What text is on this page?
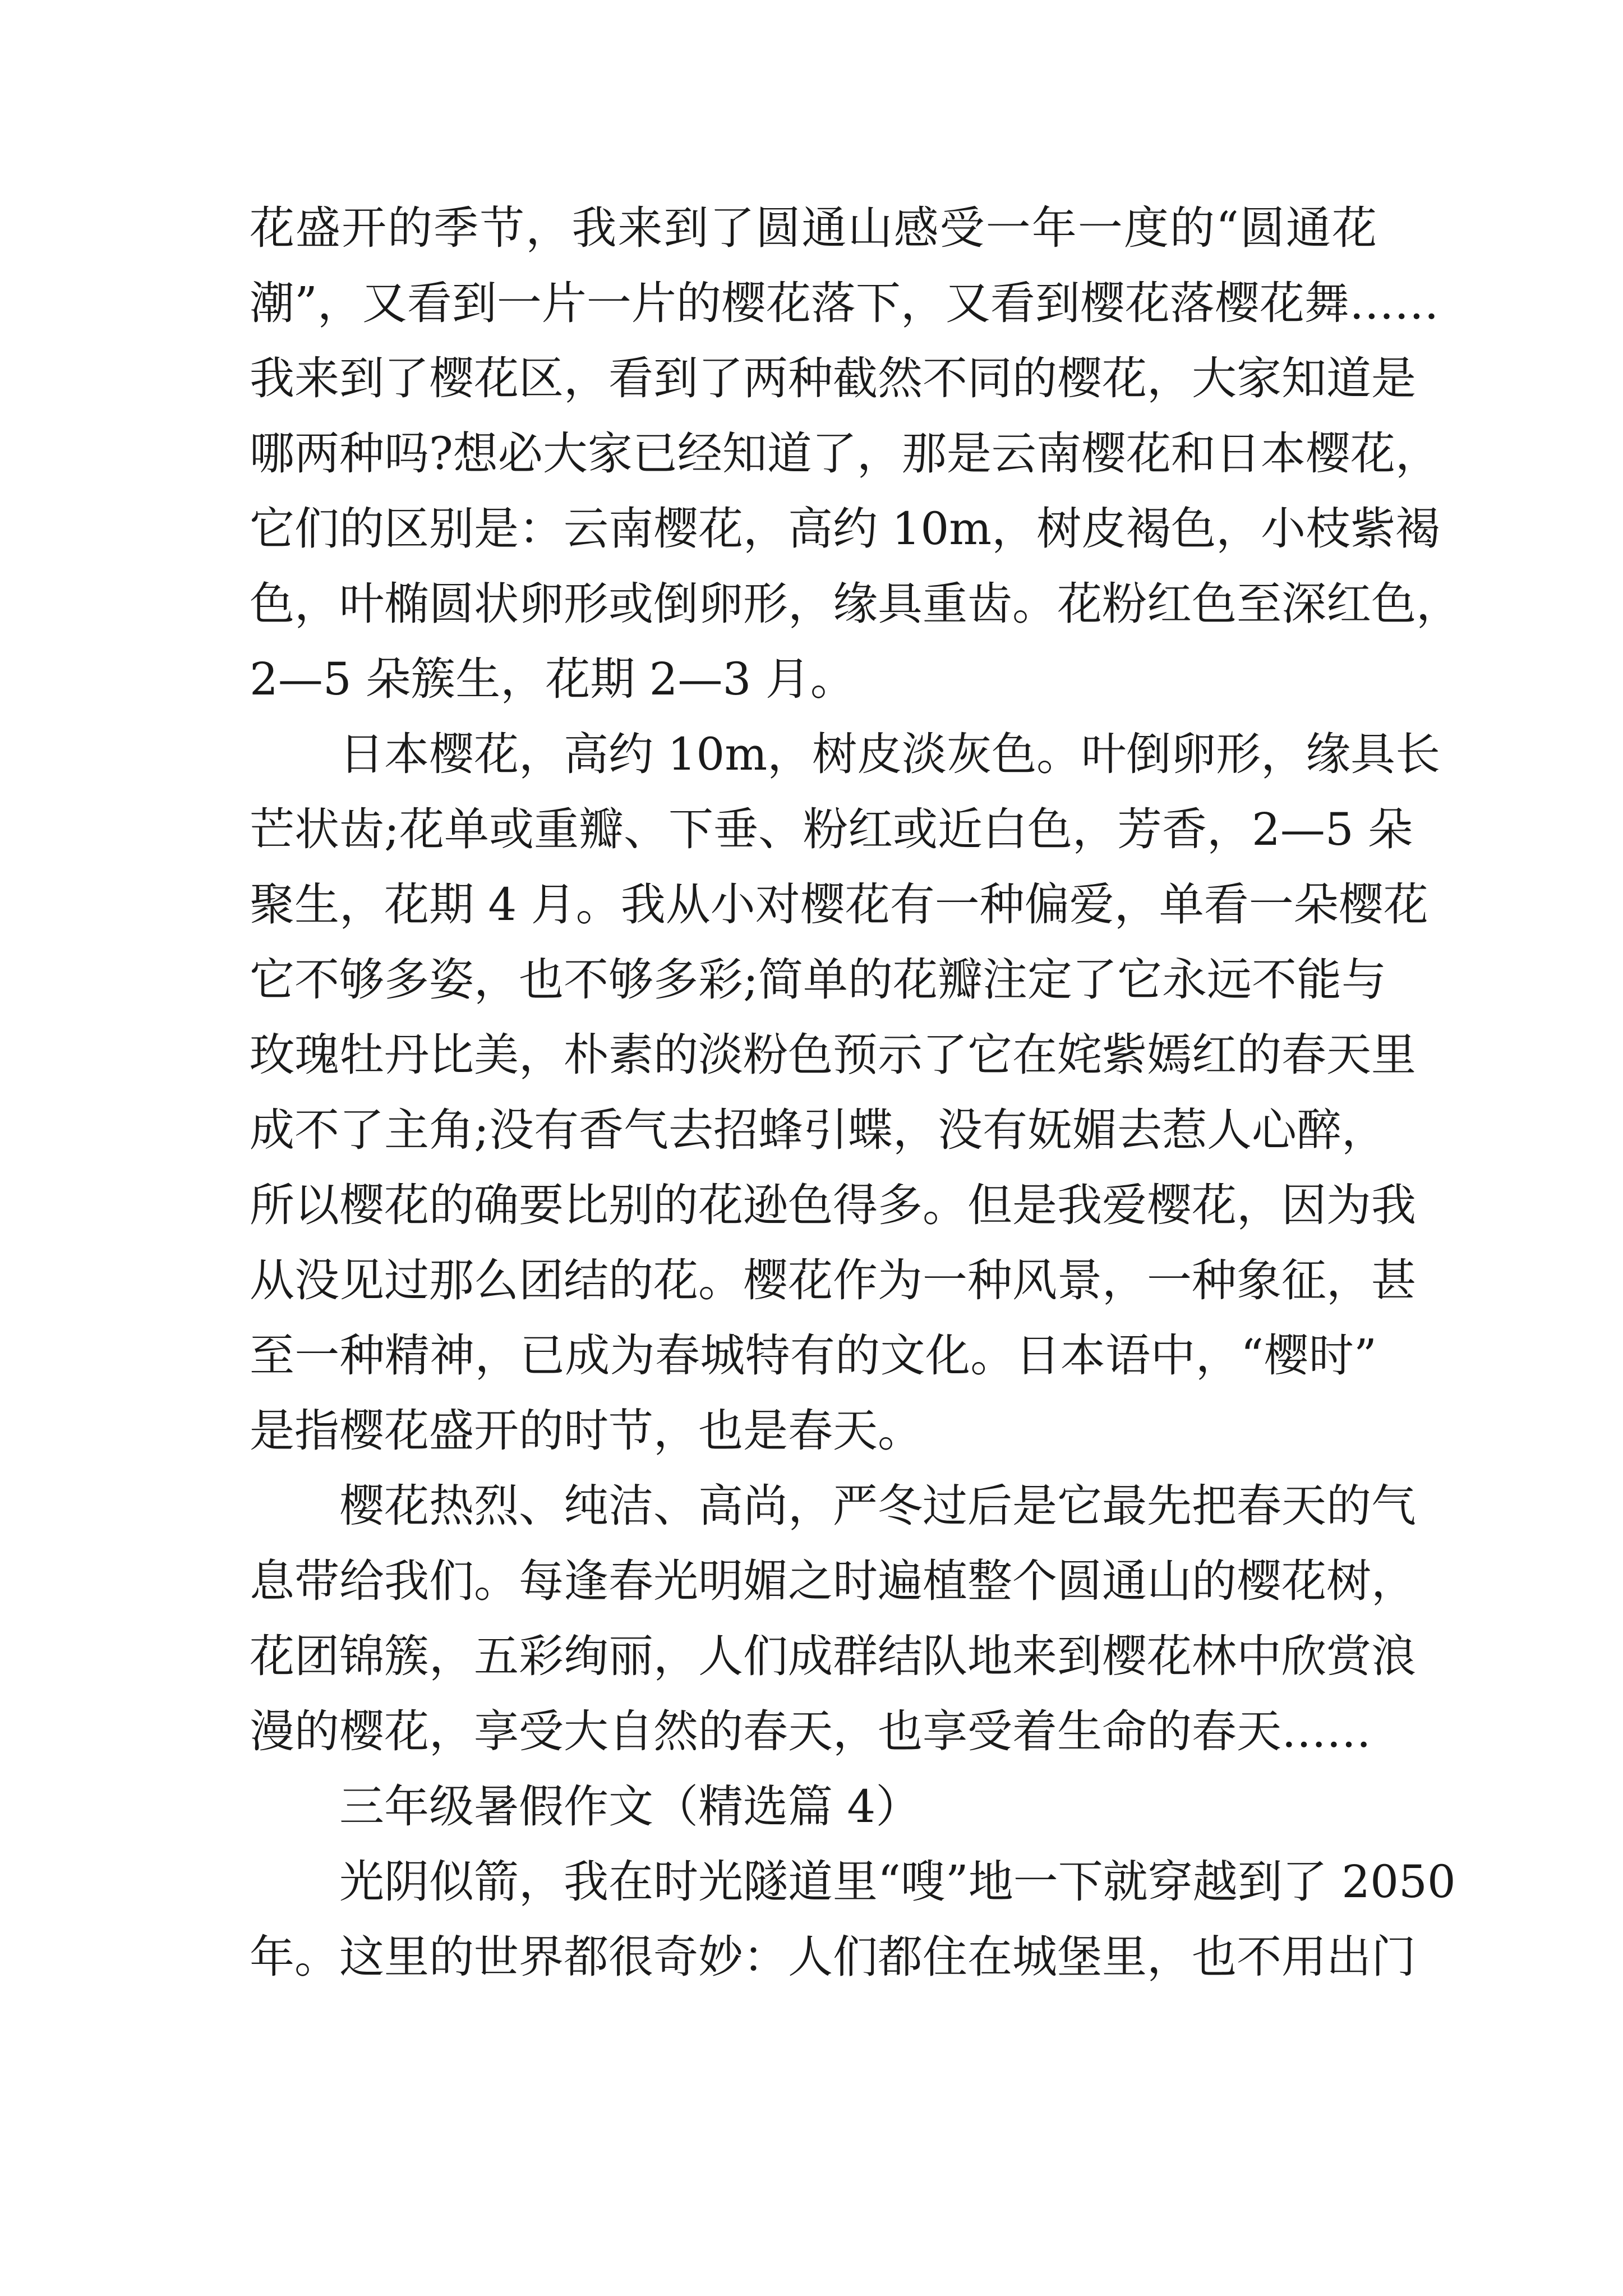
花盛开的季节，我来到了圆通山感受一年一度的“圆通花
潮”，又看到一片一片的樱花落下，又看到樱花落樱花舞……
我来到了樱花区，看到了两种截然不同的樱花，大家知道是
哪两种吗?想必大家已经知道了，那是云南樱花和日本樱花，
它们的区别是：云南樱花，高约 10m，树皮褐色，小枝紫褐
色，叶椭圆状卵形或倒卵形，缘具重齿。花粉红色至深红色，
2—5 朵簇生，花期 2—3 月。
日本樱花，高约 10m，树皮淡灰色。叶倒卵形，缘具长
芒状齿;花单或重瓣、下垂、粉红或近白色，芳香，2—5 朵
聚生，花期 4 月。我从小对樱花有一种偏爱，单看一朵樱花
它不够多姿，也不够多彩;简单的花瓣注定了它永远不能与
玫瑰牡丹比美，朴素的淡粉色预示了它在姹紫嫣红的春天里
成不了主角;没有香气去招蜂引蝶，没有妩媚去惹人心醉，
所以樱花的确要比别的花逊色得多。但是我爱樱花，因为我
从没见过那么团结的花。樱花作为一种风景，一种象征，甚
至一种精神，已成为春城特有的文化。日本语中，“樱时”
是指樱花盛开的时节，也是春天。
樱花热烈、纯洁、高尚，严冬过后是它最先把春天的气
息带给我们。每逢春光明媚之时遍植整个圆通山的樱花树，
花团锦簇，五彩绚丽，人们成群结队地来到樱花林中欣赏浪
漫的樱花，享受大自然的春天，也享受着生命的春天……
三年级暑假作文（精选篇 4）
光阴似箭，我在时光隧道里“嗖”地一下就穿越到了 2050
年。这里的世界都很奇妙：人们都住在城堡里，也不用出门
